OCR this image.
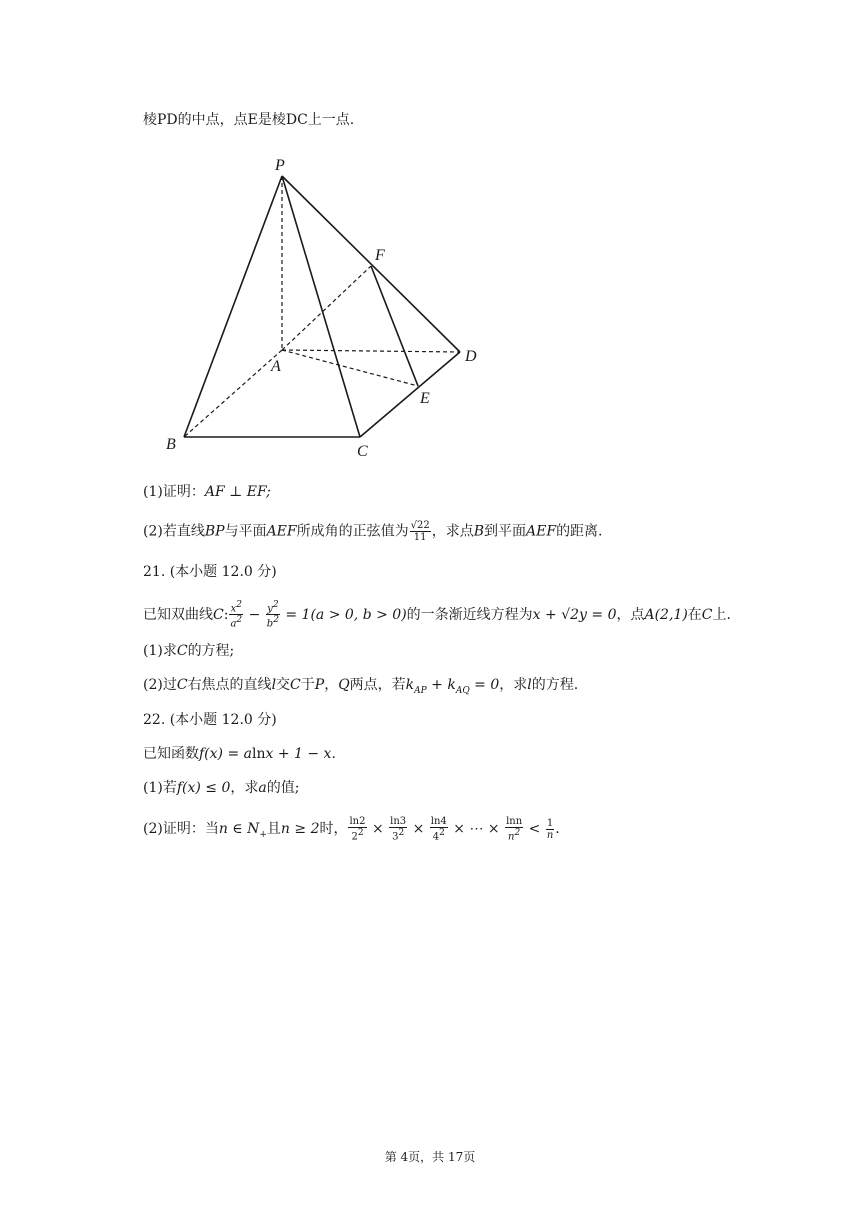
棱PD的中点，点E是棱DC上一点.
P
F
A
D
E
B	C
(1)证明：AF ⊥ EF;
(2)若直线BP与平面AEF所成角的正弦值为 $\frac{√22}{11}$ ，求点B到平面AEF的距离.
21. (本小题 12.0 分)
已知双曲线C: $\frac{x^2}{a^2} - \frac{y^2}{b^2} = 1(a > 0$, b > 0)的一条渐近线方程为x + √2y = 0，点A(2,1)在C上.
(1)求C的方程;
(2)过C右焦点的直线l交C于P，Q两点，若$k_{AP} + k_{AQ} = 0$，求l的方程.
22. (本小题 12.0 分)
已知函数f(x) = alnx + 1 − x.
(1)若f(x) ≤ 0，求a的值;
(2)证明：当n ∈ $N_+$且n ≥ 2时， $\frac{\ln 2}{2^2} \times \frac{\ln 3}{3^2} \times \frac{\ln 4}{4^2}$ × ⋯ × $\frac{\ln n}{n^2} < \frac{1}{n}$ .
第 4页，共 17页
